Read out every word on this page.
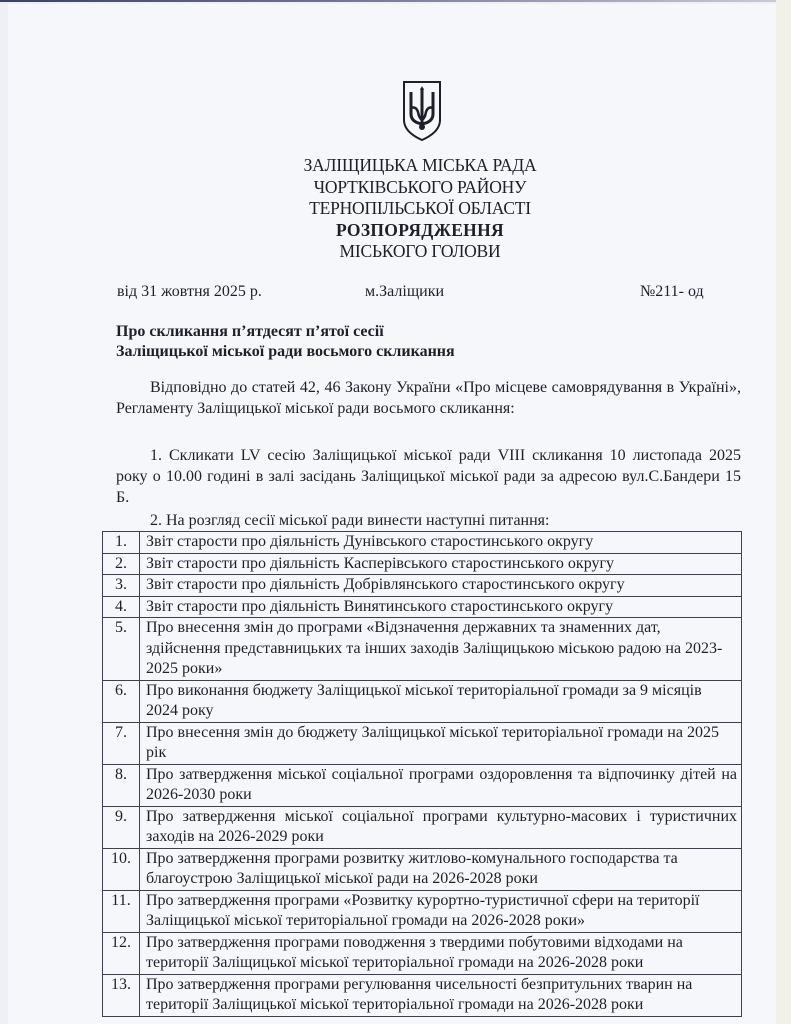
ЗАЛІЩИЦЬКА МІСЬКА РАДА
ЧОРТКІВСЬКОГО РАЙОНУ
ТЕРНОПІЛЬСЬКОЇ ОБЛАСТІ
РОЗПОРЯДЖЕННЯ
МІСЬКОГО ГОЛОВИ
від 31 жовтня 2025 р.	м.Заліщики	№211- од
Про скликання п’ятдесят п’ятої сесії
Заліщицької міської ради восьмого скликання
Відповідно до статей 42, 46 Закону України «Про місцеве самоврядування в Україні», Регламенту Заліщицької міської ради восьмого скликання:
1. Скликати LV сесію Заліщицької міської ради VIII скликання 10 листопада 2025 року о 10.00 годині в залі засідань Заліщицької міської ради за адресою вул.С.Бандери 15 Б.
2. На розгляд сесії міської ради винести наступні питання:
1.	Звіт старости про діяльність Дунівського старостинського округу
2.	Звіт старости про діяльність Касперівського старостинського округу
3.	Звіт старости про діяльність Добрівлянського старостинського округу
4.	Звіт старости про діяльність Винятинського старостинського округу
5.	Про внесення змін до програми «Відзначення державних та знаменних дат, здійснення представницьких та інших заходів Заліщицькою міською радою на 2023-2025 роки»
6.	Про виконання бюджету Заліщицької міської територіальної громади за 9 місяців 2024 року
7.	Про внесення змін до бюджету Заліщицької міської територіальної громади на 2025 рік
8.	Про затвердження міської соціальної програми оздоровлення та відпочинку дітей на 2026-2030 роки
9.	Про затвердження міської соціальної програми культурно-масових і туристичних заходів на 2026-2029 роки
10.	Про затвердження програми розвитку житлово-комунального господарства та благоустрою Заліщицької міської ради на 2026-2028 роки
11.	Про затвердження програми «Розвитку курортно-туристичної сфери на території Заліщицької міської територіальної громади на 2026-2028 роки»
12.	Про затвердження програми поводження з твердими побутовими відходами на території Заліщицької міської територіальної громади на 2026-2028 роки
13.	Про затвердження програми регулювання чисельності безпритульних тварин на території Заліщицької міської територіальної громади на 2026-2028 роки
